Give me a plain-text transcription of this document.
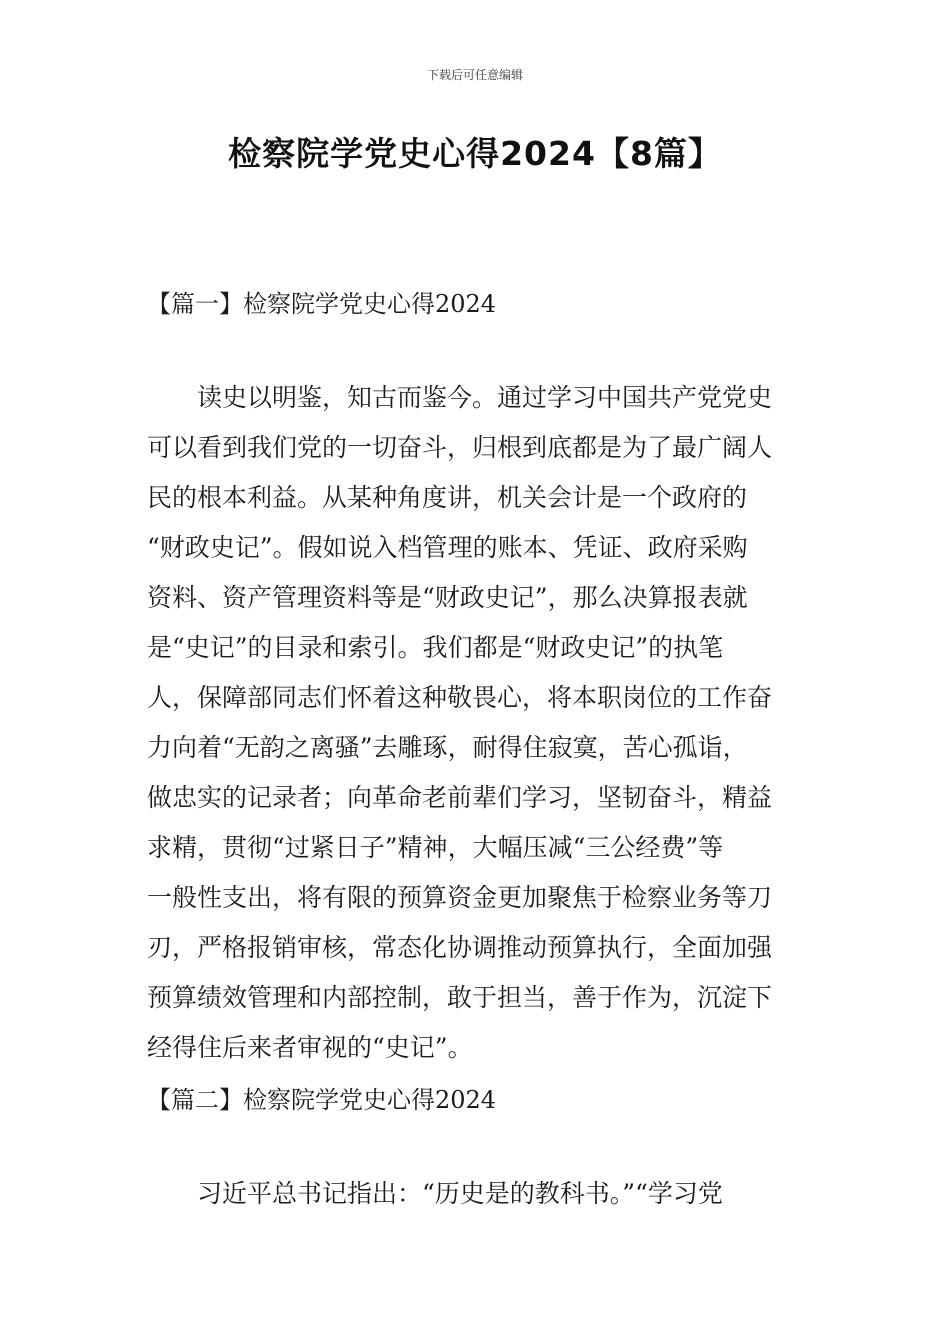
下载后可任意编辑
检察院学党史心得2024【8篇】
【篇一】检察院学党史心得2024

读史以明鉴，知古而鉴今。通过学习中国共产党党史

可以看到我们党的一切奋斗，归根到底都是为了最广阔人

民的根本利益。从某种角度讲，机关会计是一个政府的

“财政史记”。假如说入档管理的账本、凭证、政府采购

资料、资产管理资料等是“财政史记”，那么决算报表就

是“史记”的目录和索引。我们都是“财政史记”的执笔

人，保障部同志们怀着这种敬畏心，将本职岗位的工作奋

力向着“无韵之离骚”去雕琢，耐得住寂寞，苦心孤诣，

做忠实的记录者；向革命老前辈们学习，坚韧奋斗，精益

求精，贯彻“过紧日子”精神，大幅压减“三公经费”等

一般性支出，将有限的预算资金更加聚焦于检察业务等刀

刃，严格报销审核，常态化协调推动预算执行，全面加强

预算绩效管理和内部控制，敢于担当，善于作为，沉淀下

经得住后来者审视的“史记”。

【篇二】检察院学党史心得2024

习近平总书记指出：“历史是的教科书。”“学习党
